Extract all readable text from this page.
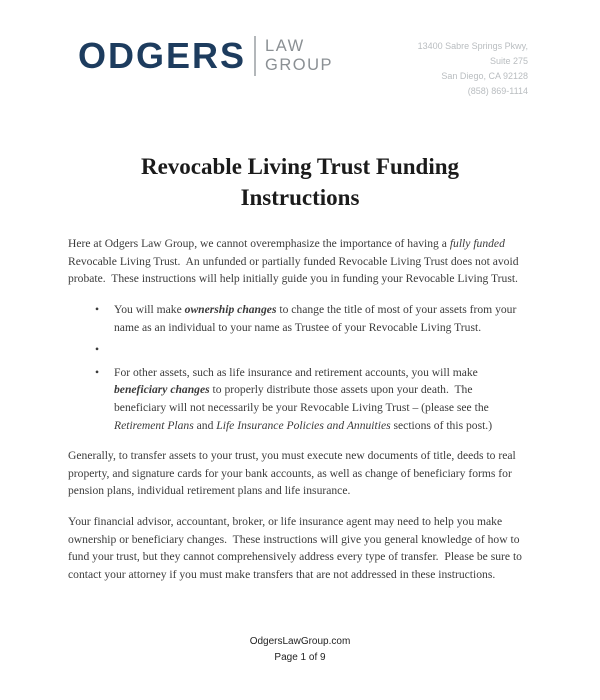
ODGERS LAW
GROUP
13400 Sabre Springs Pkwy,
Suite 275
San Diego, CA 92128
(858) 869-1114
Revocable Living Trust Funding
Instructions

Here at Odgers Law Group, we cannot overemphasize the importance of having a fully funded Revocable Living Trust.  An unfunded or partially funded Revocable Living Trust does not avoid probate.  These instructions will help initially guide you in funding your Revocable Living Trust.

•	You will make ownership changes to change the title of most of your assets from your name as an individual to your name as Trustee of your Revocable Living Trust.
•
•	For other assets, such as life insurance and retirement accounts, you will make beneficiary changes to properly distribute those assets upon your death.  The beneficiary will not necessarily be your Revocable Living Trust – (please see the Retirement Plans and Life Insurance Policies and Annuities sections of this post.)

Generally, to transfer assets to your trust, you must execute new documents of title, deeds to real property, and signature cards for your bank accounts, as well as change of beneficiary forms for pension plans, individual retirement plans and life insurance.

Your financial advisor, accountant, broker, or life insurance agent may need to help you make ownership or beneficiary changes.  These instructions will give you general knowledge of how to fund your trust, but they cannot comprehensively address every type of transfer.  Please be sure to contact your attorney if you must make transfers that are not addressed in these instructions.

OdgersLawGroup.com
Page 1 of 9
